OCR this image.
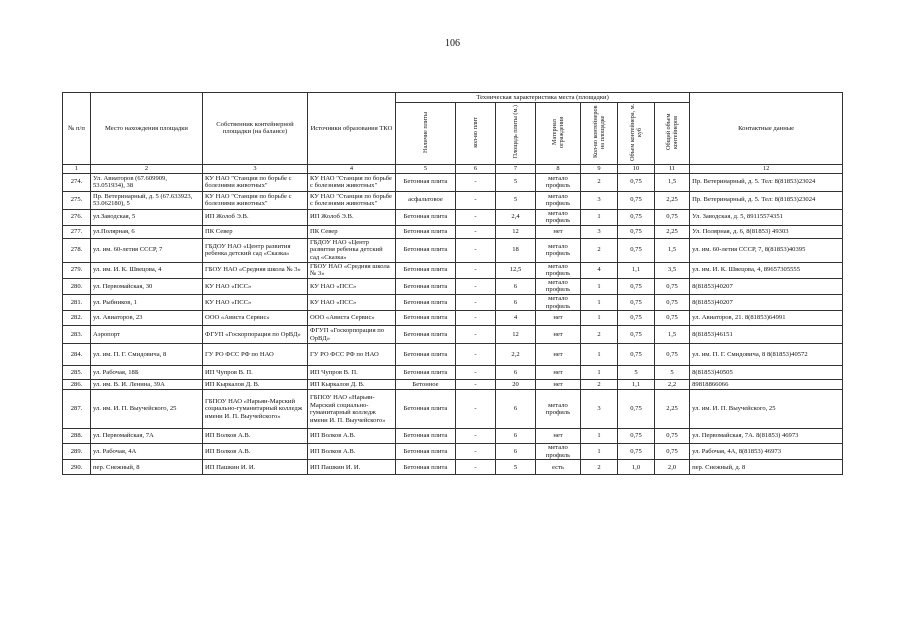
106
№ п/п	Место нахождения площадки	Собственник контейнерной площадки (на балансе)	Источники образования ТКО	Техническая характеристика места (площадки)							Контактные данные
				Наличие плиты	кол-во плит	Площадь плиты (м.)	Материал ограждения	Кол-во контейнеров на площадке	Объем контейнера, м. куб	Общий объем контейнеров	
1	2	3	4	5	6	7	8	9	10	11	12
274.	Ул. Авиаторов (67.609909, 53.051934), 38	КУ НАО "Станция по борьбе с болезнями животных"	КУ НАО "Станция по борьбе с болезнями животных"	Бетонная плита	-	5	метало профиль	2	0,75	1,5	Пр. Ветеринарный, д. 5. Тел: 8(81853)23024
275.	Пр. Ветеринарный, д. 5 (67.633923, 53.062180), 5	КУ НАО "Станция по борьбе с болезнями животных"	КУ НАО "Станция по борьбе с болезнями животных"	асфальтовое	-	5	метало профиль	3	0,75	2,25	Пр. Ветеринарный, д. 5. Тел: 8(81853)23024
276.	ул.Заводская, 5	ИП Жолоб Э.В.	ИП Жолоб Э.В.	Бетонная плита	-	2,4	метало профиль	1	0,75	0,75	Ул. Заводская, д. 5, 89115574351
277.	ул.Полярная, 6	ПК Север	ПК Север	Бетонная плита	-	12	нет	3	0,75	2,25	Ул. Полярная, д. 6, 8(81853) 49303
278.	ул. им. 60-летия СССР, 7	ГБДОУ НАО «Центр развития ребенка детский сад «Сказка»	ГБДОУ НАО «Центр развития ребенка детский сад «Сказка»	Бетонная плита	-	18	метало профиль	2	0,75	1,5	ул. им. 60-летия СССР, 7, 8(81853)40395
279.	ул. им. И. К. Швецова, 4	ГБОУ НАО «Средняя школа № 3»	ГБОУ НАО «Средняя школа № 3»	Бетонная плита	-	12,5	метало профиль	4	1,1	3,5	ул. им. И. К. Швецова, 4, 89657305555
280.	ул. Первомайская, 30	КУ НАО «ПСС»	КУ НАО «ПСС»	Бетонная плита	-	6	метало профиль	1	0,75	0,75	8(81853)40207
281.	ул. Рыбников, 1	КУ НАО «ПСС»	КУ НАО «ПСС»	Бетонная плита	-	6	метало профиль	1	0,75	0,75	8(81853)40207
282.	ул. Авиаторов, 23	ООО «Ависта Сервис»	ООО «Ависта Сервис»	Бетонная плита	-	4	нет	1	0,75	0,75	ул. Авиаторов, 21. 8(81853)64991
283.	Аэропорт	ФГУП «Госкорпорация по ОрВД»	ФГУП «Госкорпорация по ОрВД»	Бетонная плита	-	12	нет	2	0,75	1,5	8(81853)46151
284.	ул. им. П. Г. Смидовича, 8	ГУ РО ФСС РФ по НАО	ГУ РО ФСС РФ по НАО	Бетонная плита	-	2,2	нет	1	0,75	0,75	ул. им. П. Г. Смидовича, 8 8(81853)40572
285.	ул. Рабочая, 18Б	ИП Чупров В. П.	ИП Чупров В. П.	Бетонная плита	-	6	нет	1	5	5	8(81853)40505
286.	ул. им. В. И. Ленина, 39А	ИП Кыркалов Д. В.	ИП Кыркалов Д. В.	Бетонное	-	20	нет	2	1,1	2,2	89818866066
287.	ул. им. И. П. Выучейского, 25	ГБПОУ НАО «Нарьян-Марский социально-гуманитарный колледж имени И. П. Выучейского»	ГБПОУ НАО «Нарьян-Марский социально-гуманитарный колледж имени И. П. Выучейского»	Бетонная плита	-	6	метало профиль	3	0,75	2,25	ул. им. И. П. Выучейского, 25
288.	ул. Первомайская, 7А	ИП Волков А.В.	ИП Волков А.В.	Бетонная плита	-	6	нет	1	0,75	0,75	ул. Первомайская, 7А. 8(81853) 46973
289.	ул. Рабочая, 4А	ИП Волков А.В.	ИП Волков А.В.	Бетонная плита	-	6	метало профиль	1	0,75	0,75	ул. Рабочая, 4А, 8(81853) 46973
290.	пер. Снежный, 8	ИП Пашкин И. И.	ИП Пашкин И. И.	Бетонная плита	-	5	есть	2	1,0	2,0	пер. Снежный, д. 8
